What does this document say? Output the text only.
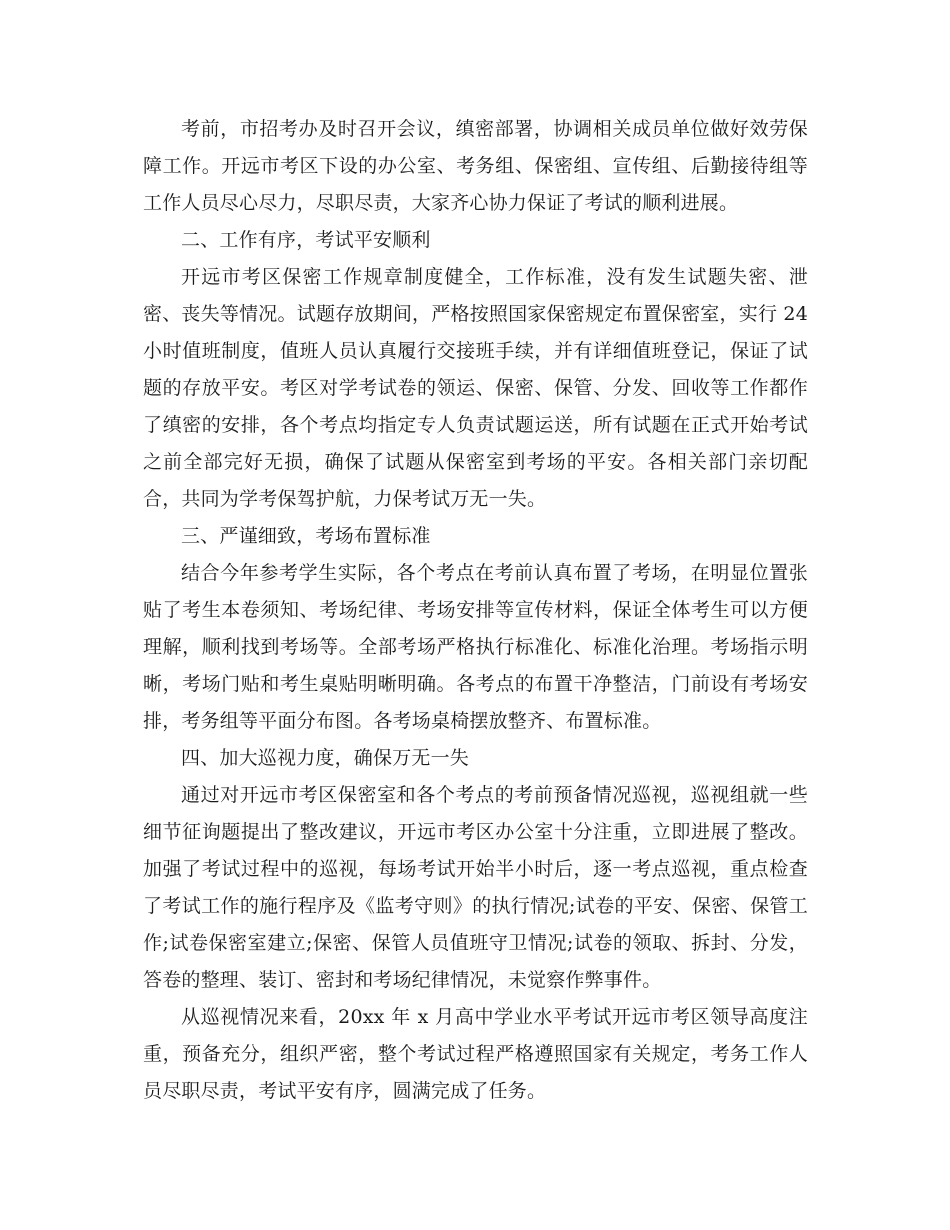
考前，市招考办及时召开会议，缜密部署，协调相关成员单位做好效劳保障工作。开远市考区下设的办公室、考务组、保密组、宣传组、后勤接待组等工作人员尽心尽力，尽职尽责，大家齐心协力保证了考试的顺利进展。

二、工作有序，考试平安顺利

开远市考区保密工作规章制度健全，工作标准，没有发生试题失密、泄密、丧失等情况。试题存放期间，严格按照国家保密规定布置保密室，实行 24 小时值班制度，值班人员认真履行交接班手续，并有详细值班登记，保证了试题的存放平安。考区对学考试卷的领运、保密、保管、分发、回收等工作都作了缜密的安排，各个考点均指定专人负责试题运送，所有试题在正式开始考试之前全部完好无损，确保了试题从保密室到考场的平安。各相关部门亲切配合，共同为学考保驾护航，力保考试万无一失。

三、严谨细致，考场布置标准

结合今年参考学生实际，各个考点在考前认真布置了考场，在明显位置张贴了考生本卷须知、考场纪律、考场安排等宣传材料，保证全体考生可以方便理解，顺利找到考场等。全部考场严格执行标准化、标准化治理。考场指示明晰，考场门贴和考生桌贴明晰明确。各考点的布置干净整洁，门前设有考场安排，考务组等平面分布图。各考场桌椅摆放整齐、布置标准。

四、加大巡视力度，确保万无一失

通过对开远市考区保密室和各个考点的考前预备情况巡视，巡视组就一些细节征询题提出了整改建议，开远市考区办公室十分注重，立即进展了整改。加强了考试过程中的巡视，每场考试开始半小时后，逐一考点巡视，重点检查了考试工作的施行程序及《监考守则》的执行情况;试卷的平安、保密、保管工作;试卷保密室建立;保密、保管人员值班守卫情况;试卷的领取、拆封、分发，答卷的整理、装订、密封和考场纪律情况，未觉察作弊事件。

从巡视情况来看，20xx 年 x 月高中学业水平考试开远市考区领导高度注重，预备充分，组织严密，整个考试过程严格遵照国家有关规定，考务工作人员尽职尽责，考试平安有序，圆满完成了任务。
